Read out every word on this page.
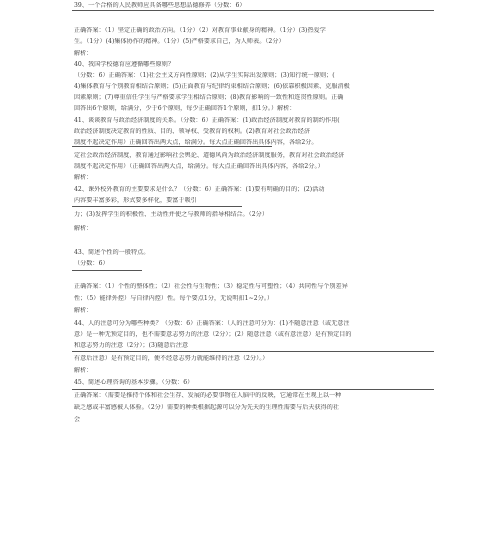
39、一个合格的人民教师应具备哪些思想品德修养（分数：6）
正确答案：（1）坚定正确的政治方向。（1分）（2）对教育事业献身的精神。（1分）(3)热爱学
生。（1分）(4)集体协作的精神。（1分）(5)严格要求自己，为人师表。（2分）
解析：
40、我国学校德育应遵循哪些原则？
（分数：6）正确答案：（1)社会主义方向性原则；(2)从学生实际出发原则；(3)知行统一原则；(
4)集体教育与个别教育相结合原则；(5)正面教育与纪律约束相结合原则；(6)依靠积极因素、克服消极
因素原则；(7)尊重信任学生与严格要求学生相结合原则；(8)教育影响的一致性和连贯性原则。正确
回答出6个原则，给满分，少于6个原则，每少正确回答1个原则，扣1分。）解析：
41、谈谈教育与政治经济制度的关系。（分数：6）正确答案：(1)政治经济制度对教育的制约作用(
政治经济制度决定教育的性质、目的、领导权、受教育的权利。(2)教育对社会政治经济
制度不起决定作用）正确回答出两大点，给满分。每大点正确回答出具体内容，各给2分。
定社会政治经济制度，教育通过影响社会舆论、道德风尚为政治经济制度服务，教育对社会政治经济
制度不起决定作用）（正确回答出两大点，给满分。每大点正确回答出具体内容，各给2分。）
解析：
42、课外校外教育的主要要求是什么？（分数：6）正确答案：(1)要有明确的目的；(2)活动
内容要丰富多彩，形式要多样化，要富于吸引
力；(3)发挥学生的积极性、主动性并使之与教师的指导相结合。（2分）
解析：
43、简述个性的一般特点。
（分数：6）
正确答案：（1）个性的整体性；（2）社会性与生物性；（3）稳定性与可塑性；（4）共同性与个别差异
性；（5）能律外控）与自律内控）性。每个要点1分，无说明扣1~2分。）
解析：
44、人的注意可分为哪些种类？（分数：6）正确答案：（人的注意可分为：(1)不随意注意（或无意注
意）是一种无预定目的，也不需要意志努力的注意（2分）；(2）随意注意（或有意注意）是有预定目的
和意志努力的注意（2分）；(3)随意后注意
有意后注意）是有预定目的，便不经意志努力就能维持的注意（2分）。）
解析：
45、简述心理咨询的基本步骤。（分数：6）
正确答案：（需要是推持个体和社会生存、发展的必要事物在人脑中的反映，它通常在主观上以一种
缺乏感或丰富感被人体验。（2分）需要的种类根据起源可以分为先天的生理性需要与后天获得的社
会
